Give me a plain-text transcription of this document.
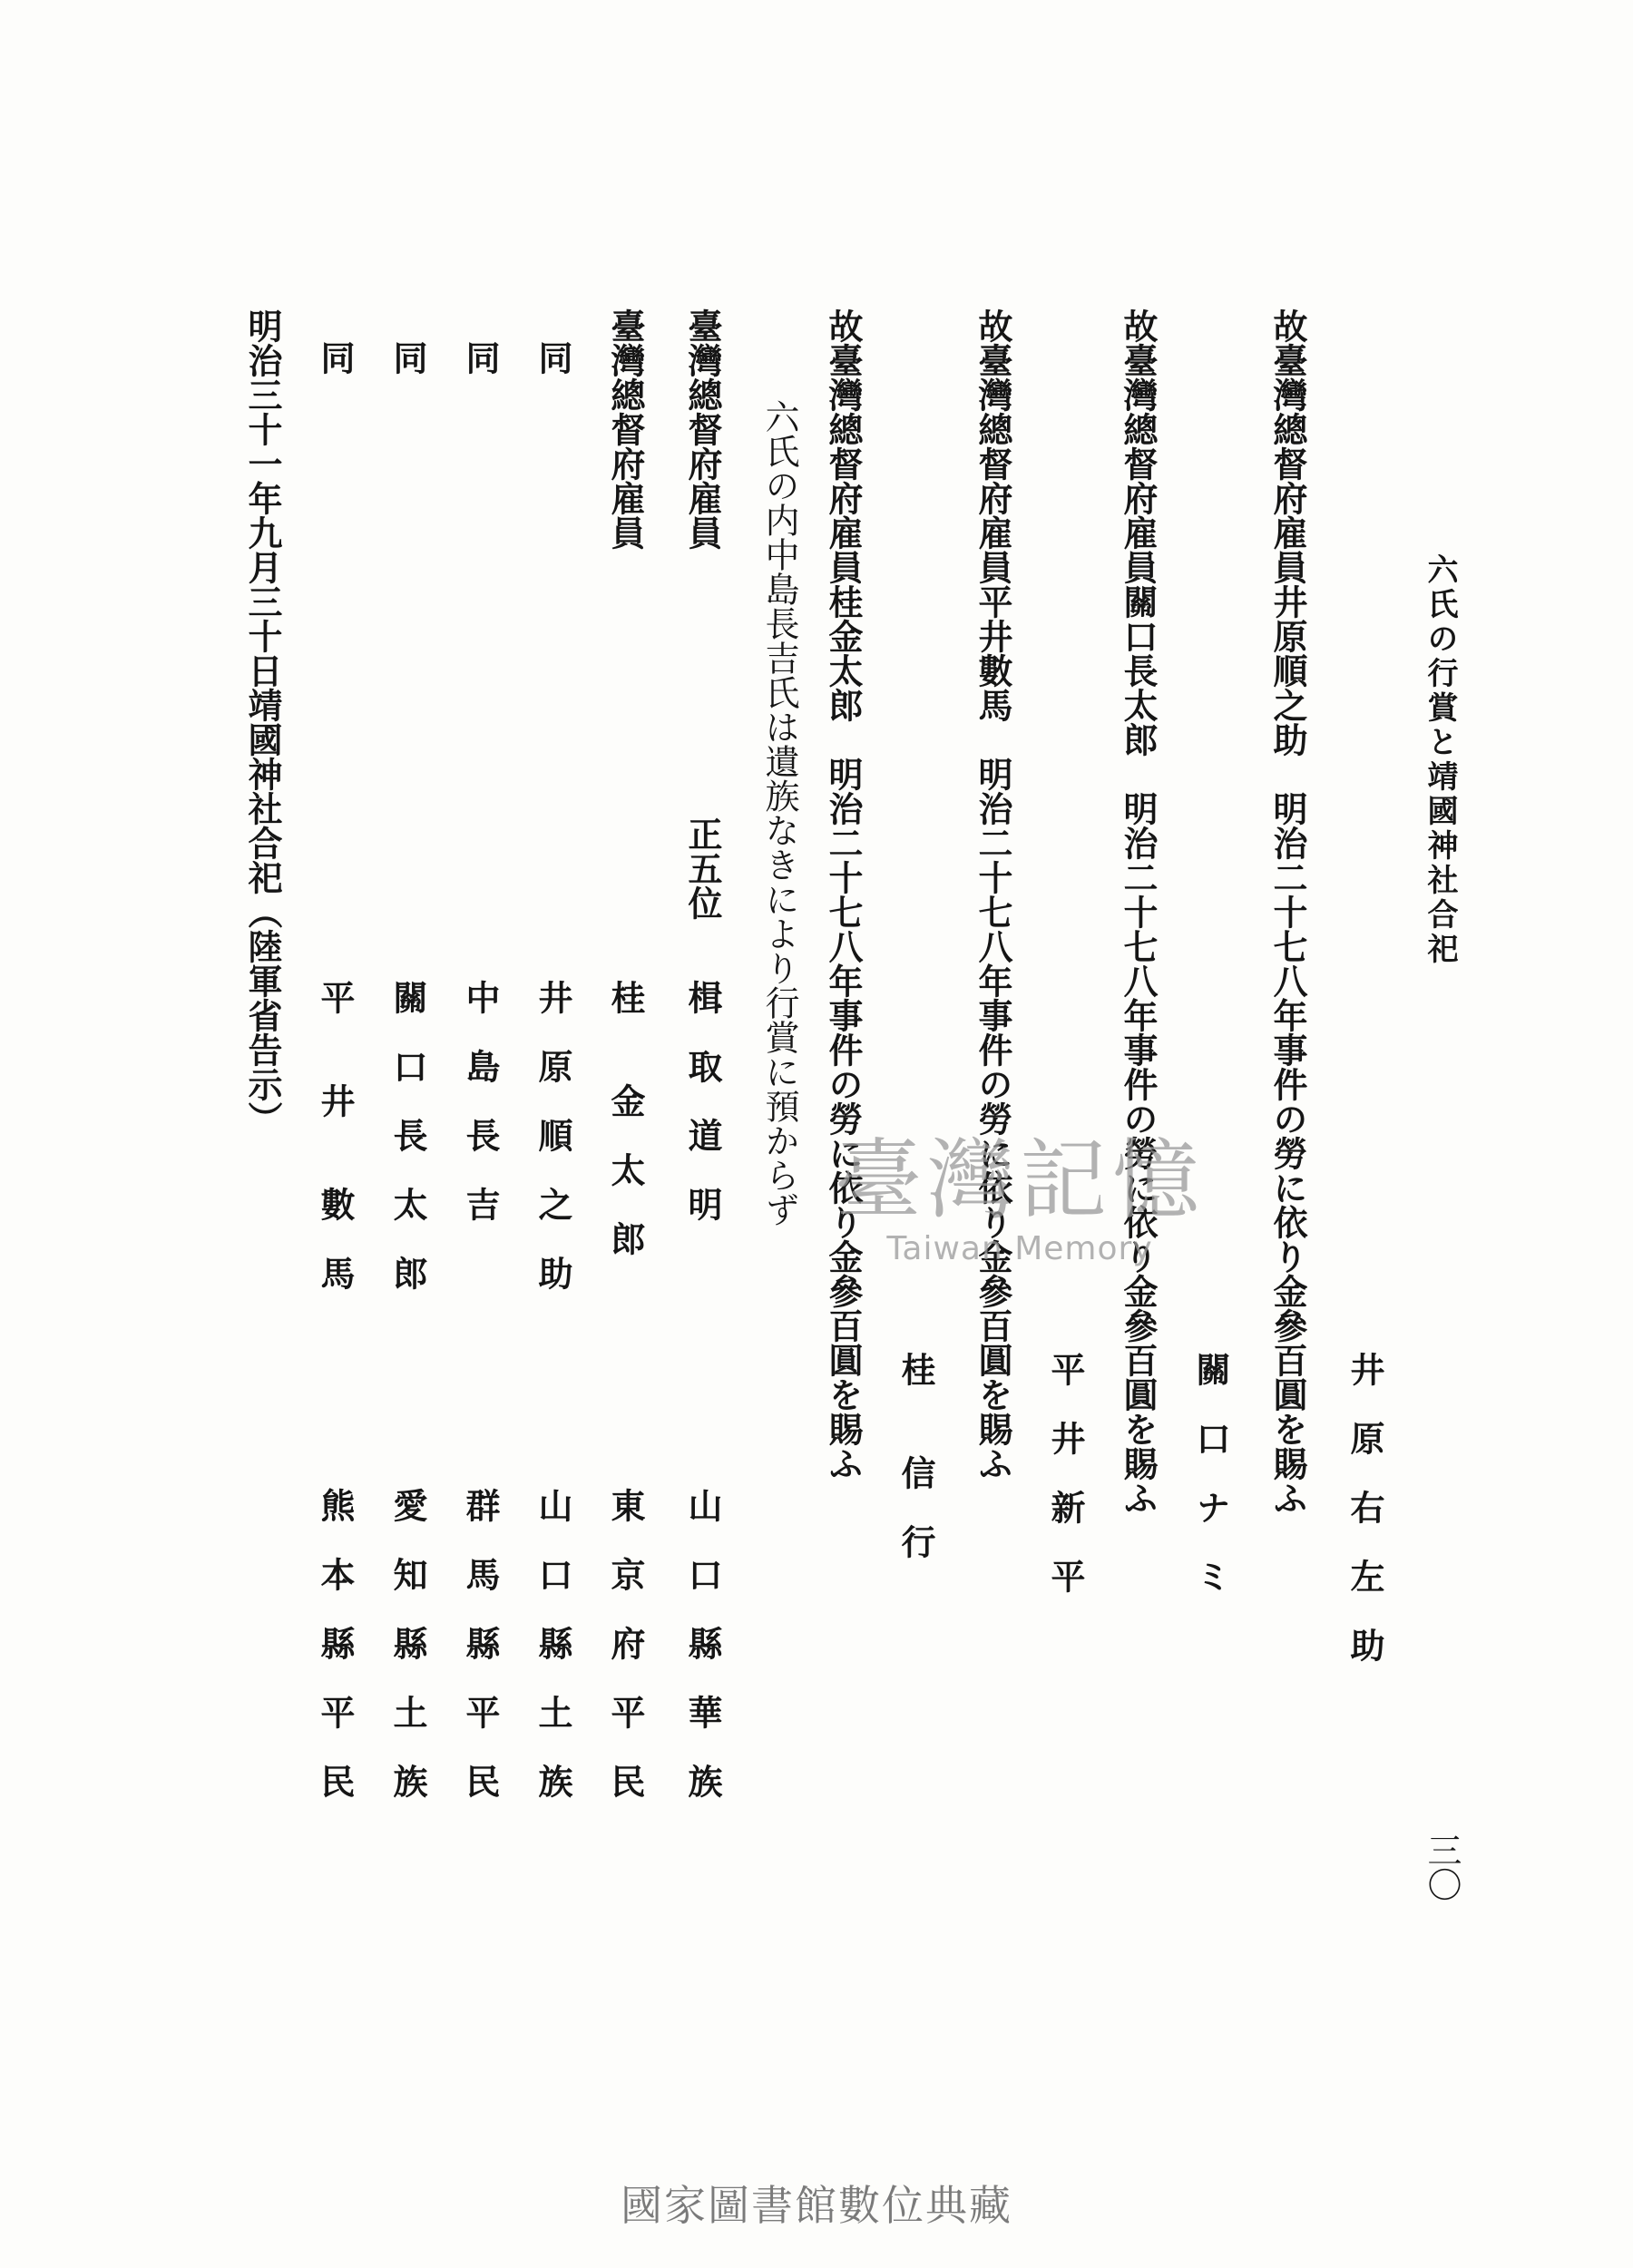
六氏の行賞と靖國神社合祀
三〇
故臺灣總督府雇員井原順之助　明治二十七八年事件の勞に依り金參百圓を賜ふ 井　原　右　左　助
故臺灣總督府雇員關口長太郎　明治二十七八年事件の勞に依り金參百圓を賜ふ 關　口　ナ　ミ
故臺灣總督府雇員平井數馬　明治二十七八年事件の勞に依り金參百圓を賜ふ 平　井　新　平
故臺灣總督府雇員桂金太郎　明治二十七八年事件の勞に依り金參百圓を賜ふ 桂　　信　行
六氏の内中島長吉氏は遺族なきにより行賞に預からず
臺灣總督府雇員
正五位
楫　取　道　明
山　口　縣　華　族
臺灣總督府雇員
桂　　金　太　郎
東　京　府　平　民
同
井　原　順　之　助
山　口　縣　土　族
同
中　島　長　吉
群　馬　縣　平　民
同
關　口　長　太　郎
愛　知　縣　土　族
同
平　　井　　數　馬
熊　本　縣　平　民
明治三十一年九月三十日靖國神社合祀（陸軍省告示）
臺灣記憶
Taiwan Memory
國家圖書館數位典藏
